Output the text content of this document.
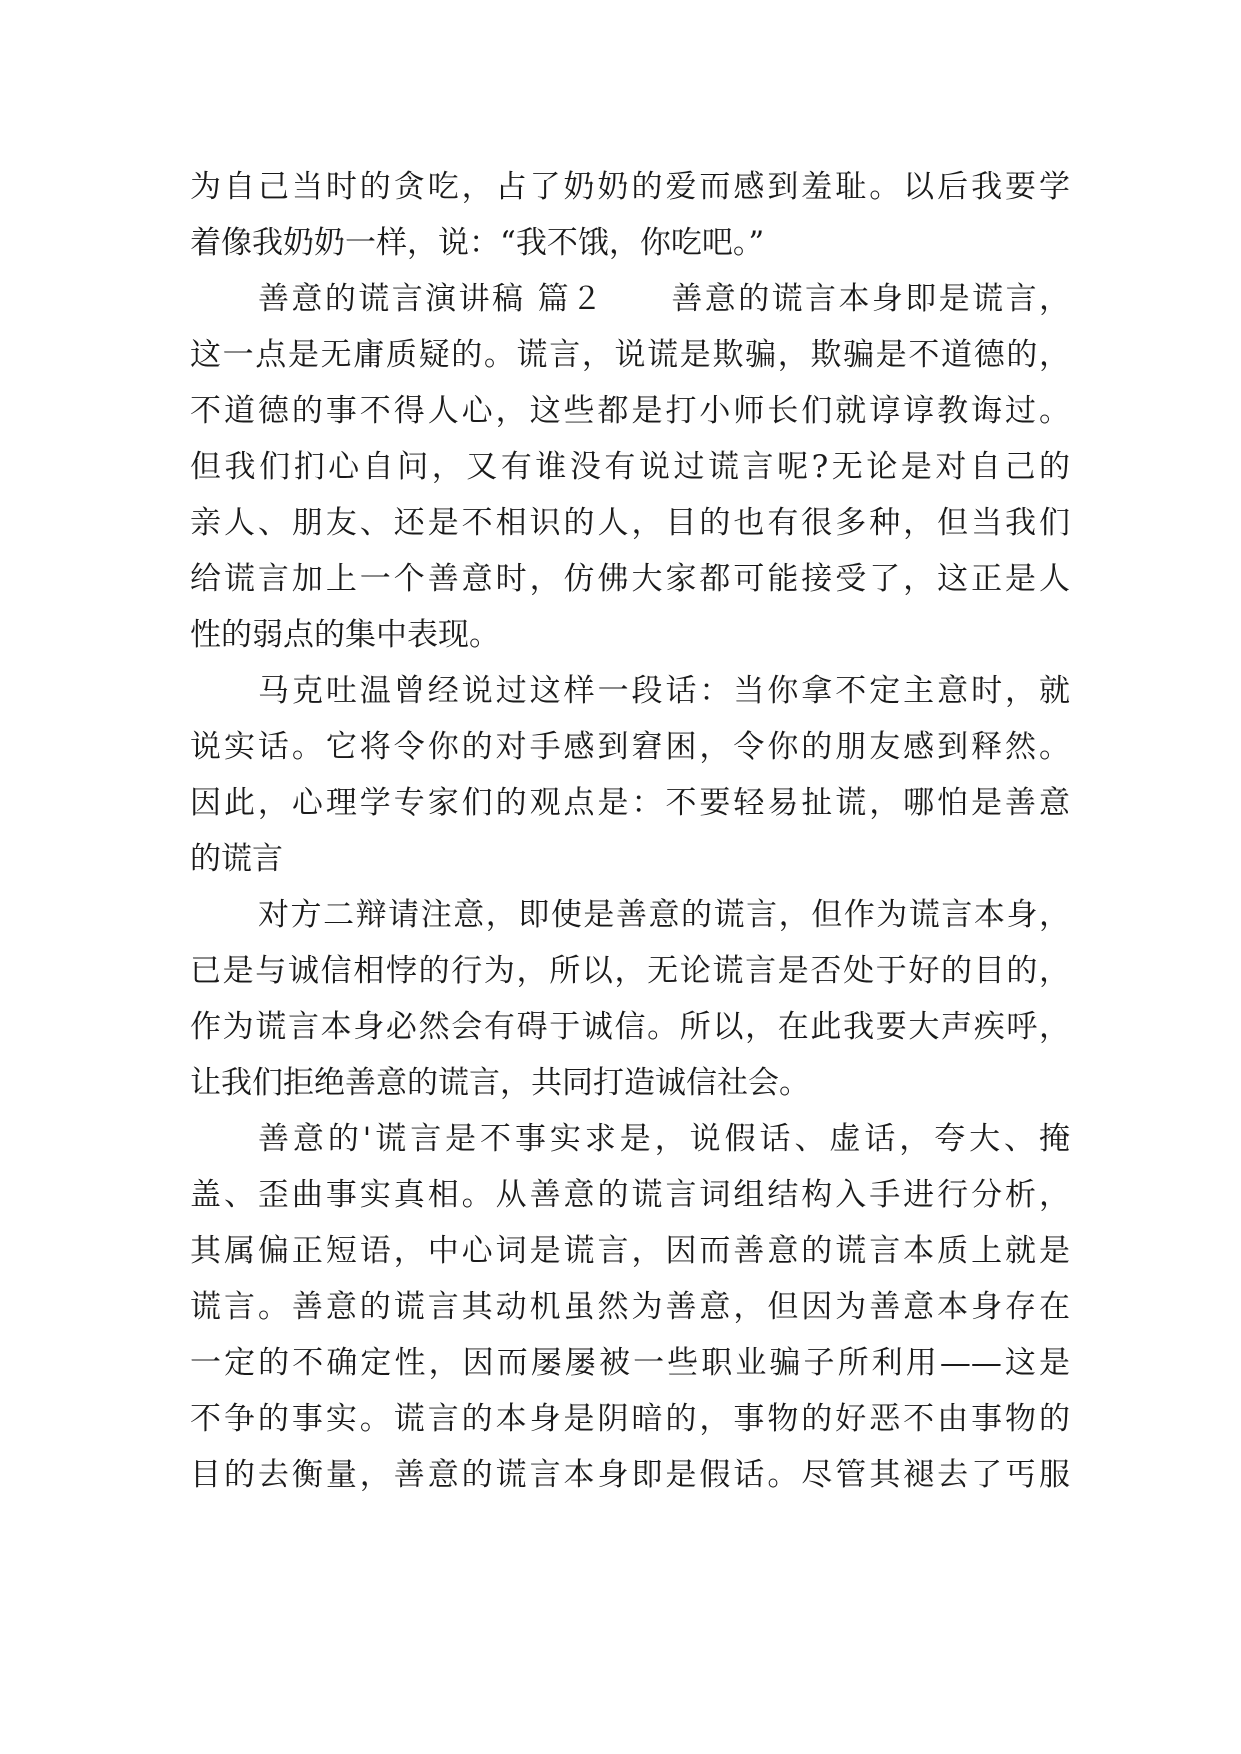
为自己当时的贪吃，占了奶奶的爱而感到羞耻。以后我要学
着像我奶奶一样，说：“我不饿，你吃吧。”
善意的谎言演讲稿 篇２　　善意的谎言本身即是谎言，
这一点是无庸质疑的。谎言，说谎是欺骗，欺骗是不道德的，
不道德的事不得人心，这些都是打小师长们就谆谆教诲过。
但我们扪心自问，又有谁没有说过谎言呢?无论是对自己的
亲人、朋友、还是不相识的人，目的也有很多种，但当我们
给谎言加上一个善意时，仿佛大家都可能接受了，这正是人
性的弱点的集中表现。
马克吐温曾经说过这样一段话：当你拿不定主意时，就
说实话。它将令你的对手感到窘困，令你的朋友感到释然。
因此，心理学专家们的观点是：不要轻易扯谎，哪怕是善意
的谎言
对方二辩请注意，即使是善意的谎言，但作为谎言本身，
已是与诚信相悖的行为，所以，无论谎言是否处于好的目的，
作为谎言本身必然会有碍于诚信。所以，在此我要大声疾呼，
让我们拒绝善意的谎言，共同打造诚信社会。
善意的'谎言是不事实求是，说假话、虚话，夸大、掩
盖、歪曲事实真相。从善意的谎言词组结构入手进行分析，
其属偏正短语，中心词是谎言，因而善意的谎言本质上就是
谎言。善意的谎言其动机虽然为善意，但因为善意本身存在
一定的不确定性，因而屡屡被一些职业骗子所利用——这是
不争的事实。谎言的本身是阴暗的，事物的好恶不由事物的
目的去衡量，善意的谎言本身即是假话。尽管其褪去了丐服
